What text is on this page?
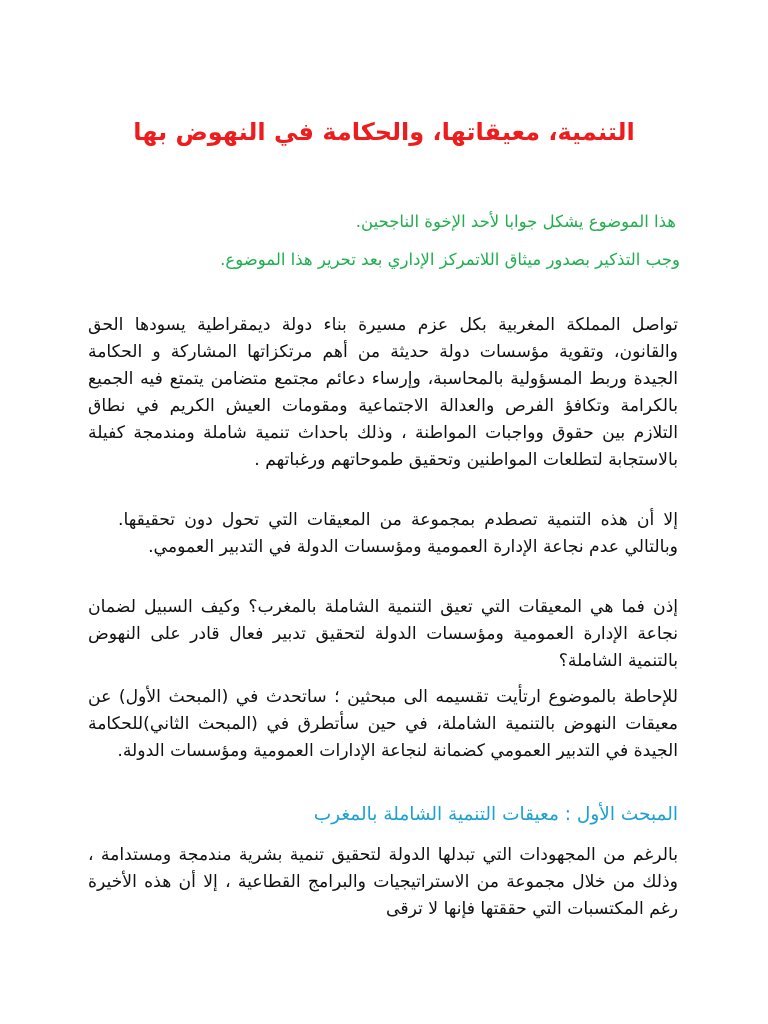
التنمية، معيقاتها، والحكامة في النهوض بها

هذا الموضوع يشكل جوابا لأحد الإخوة الناجحين.

وجب التذكير بصدور ميثاق اللاتمركز الإداري بعد تحرير هذا الموضوع.

تواصل المملكة المغربية بكل عزم مسيرة بناء دولة ديمقراطية يسودها الحق والقانون، وتقوية مؤسسات دولة حديثة من أهم مرتكزاتها المشاركة و الحكامة الجيدة وربط المسؤولية بالمحاسبة، وإرساء دعائم مجتمع متضامن يتمتع فيه الجميع بالكرامة وتكافؤ الفرص والعدالة الاجتماعية ومقومات العيش الكريم في نطاق التلازم بين حقوق وواجبات المواطنة ، وذلك باحداث تنمية شاملة ومندمجة كفيلة بالاستجابة لتطلعات المواطنين وتحقيق طموحاتهم ورغباتهم .

إلا أن هذه التنمية تصطدم بمجموعة من المعيقات التي تحول دون تحقيقها. وبالتالي عدم نجاعة الإدارة العمومية ومؤسسات الدولة في التدبير العمومي.

إذن فما هي المعيقات التي تعيق التنمية الشاملة بالمغرب؟ وكيف السبيل لضمان نجاعة الإدارة العمومية ومؤسسات الدولة لتحقيق تدبير فعال قادر على النهوض بالتنمية الشاملة؟

للإحاطة بالموضوع ارتأيت تقسيمه الى مبحثين ؛ ساتحدث في (المبحث الأول) عن معيقات النهوض بالتنمية الشاملة، في حين سأتطرق في (المبحث الثاني)للحكامة الجيدة في التدبير العمومي كضمانة لنجاعة الإدارات العمومية ومؤسسات الدولة.

المبحث الأول : معيقات التنمية الشاملة بالمغرب

بالرغم من المجهودات التي تبدلها الدولة لتحقيق تنمية بشرية مندمجة ومستدامة ، وذلك من خلال مجموعة من الاستراتيجيات والبرامج القطاعية ، إلا أن هذه الأخيرة رغم المكتسبات التي حققتها فإنها لا ترقى
